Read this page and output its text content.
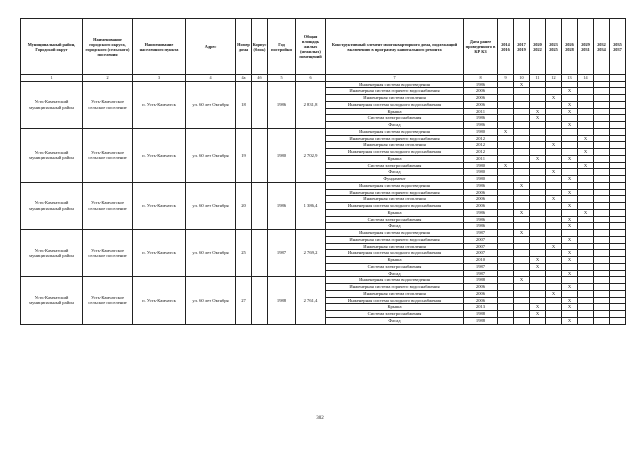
Муниципальный район, Городской округ	Наименование городского округа, городского (сельского) поселения	Наименование населенного пункта	Адрес	Номер дома	Корпус (блок)	Год постройки	Общая площадь жилых (нежилых) помещений	Конструктивный элемент многоквартирного дома, подлежащий включению в программу капитального ремонта	Дата ранее проведенного в КР КЗ	2014 2016	2017 2019	2020 2022	2023 2025	2026 2028	2029 2031	2032 2034	2035 2037
1	2	3	4	4а	4б	5	6	7	8	9	10	11	12	13	14		
Усть-Камчатский муниципальный район	Усть-Камчатское сельское поселение	п. Усть-Камчатск	ул. 60 лет Октября	18		1986	2 831,8	Инженерная система водоотведения	1986		X						
								Инженерная система горячего водоснабжения	2006					X			
								Инженерная система отопления	2006				X				
								Инженерная система холодного водоснабжения	2006					X			
								Крыша	2011			X		X			
								Система электроснабжения	1986			X					
								Фасад	1986					X			
Усть-Камчатский муниципальный район	Усть-Камчатское сельское поселение	п. Усть-Камчатск	ул. 60 лет Октября	19		1980	2 702,9	Инженерная система водоотведения	1980	X							
								Инженерная система горячего водоснабжения	2012						X		
								Инженерная система отопления	2012				X				
								Инженерная система холодного водоснабжения	2012						X		
								Крыша	2011			X		X			
								Система электроснабжения	1980	X					X		
								Фасад	1980				X				
								Фундамент	1980					X			
Усть-Камчатский муниципальный район	Усть-Камчатское сельское поселение	п. Усть-Камчатск	ул. 60 лет Октября	20		1986	1 386,4	Инженерная система водоотведения	1986		X						
								Инженерная система горячего водоснабжения	2006					X			
								Инженерная система отопления	2006				X				
								Инженерная система холодного водоснабжения	2006					X			
								Крыша	1986		X				X		
								Система электроснабжения	1986					X			
								Фасад	1986					X			
Усть-Камчатский муниципальный район	Усть-Камчатское сельское поселение	п. Усть-Камчатск	ул. 60 лет Октября	25		1987	2 769,2	Инженерная система водоотведения	1987		X						
								Инженерная система горячего водоснабжения	2007					X			
								Инженерная система отопления	2007				X				
								Инженерная система холодного водоснабжения	2007					X			
								Крыша	2010			X		X			
								Система электроснабжения	1987			X					
								Фасад	1987					X			
Усть-Камчатский муниципальный район	Усть-Камчатское сельское поселение	п. Усть-Камчатск	ул. 60 лет Октября	27		1988	2 761,4	Инженерная система водоотведения	1988		X						
								Инженерная система горячего водоснабжения	2006					X			
								Инженерная система отопления	2006				X				
								Инженерная система холодного водоснабжения	2006					X			
								Крыша	2013			X		X			
								Система электроснабжения	1988			X					
								Фасад	1988					X			
302
